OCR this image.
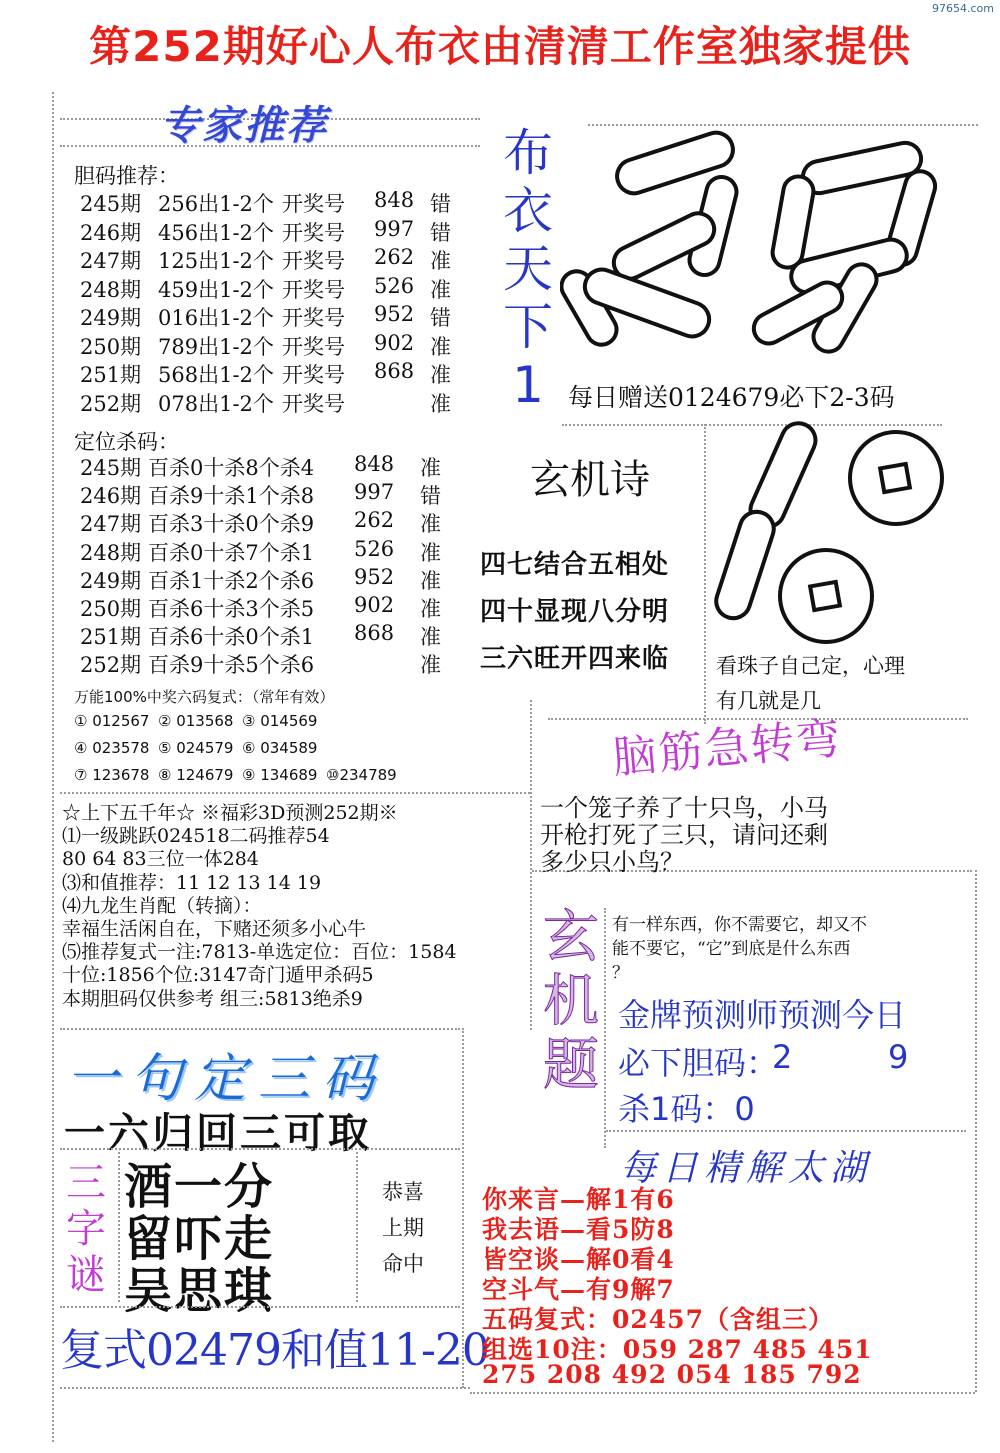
97654.com
第252期好心人布衣由清清工作室独家提供
专家推荐
胆码推荐：
245期 256出1-2个 开奖号 848 错
246期 456出1-2个 开奖号 997 错
247期 125出1-2个 开奖号 262 准
248期 459出1-2个 开奖号 526 准
249期 016出1-2个 开奖号 952 错
250期 789出1-2个 开奖号 902 准
251期 568出1-2个 开奖号 868 准
252期 078出1-2个 开奖号	准
定位杀码：
245期 百杀0十杀8个杀4 848 准
246期 百杀9十杀1个杀8 997 错
247期 百杀3十杀0个杀9 262 准
248期 百杀0十杀7个杀1 526 准
249期 百杀1十杀2个杀6 952 准
250期 百杀6十杀3个杀5 902 准
251期 百杀6十杀0个杀1 868 准
252期 百杀9十杀5个杀6	准
万能100%中奖六码复式：（常年有效）
① 012567 ② 013568 ③ 014569
④ 023578 ⑤ 024579 ⑥ 034589
⑦ 123678 ⑧ 124679 ⑨ 134689 ⑩234789
☆上下五千年☆ ※福彩3D预测252期※
⑴一级跳跃024518二码推荐54
80 64 83三位一体284
⑶和值推荐：11 12 13 14 19
⑷九龙生肖配（转摘）：
幸福生活闲自在，下赌还须多小心牛
⑸推荐复式一注:7813-单选定位：百位：1584
十位:1856个位:3147奇门遁甲杀码5
本期胆码仅供参考 组三:5813绝杀9
一句定三码
一六归回三可取
三字谜
酒一分
留吓走
吴思琪
恭喜
上期
命中
复式02479和值11-20
布衣天下1 每日赠送0124679必下2-3码
玄机诗
四七结合五相处
四十显现八分明
三六旺开四来临 看珠子自己定，心理
有几就是几
脑筋急转弯
一个笼子养了十只鸟，小马
开枪打死了三只，请问还剩
多少只小鸟？
玄机题
有一样东西，你不需要它，却又不
能不要它，“它”到底是什么东西
？
金牌预测师预测今日
必下胆码：
2	9
杀1码：0
每日精解太湖
你来言—解1有6
我去语—看5防8
皆空谈—解0看4
空斗气—有9解7
五码复式：02457（含组三）
组选10注：059 287 485 451
275 208 492 054 185 792
